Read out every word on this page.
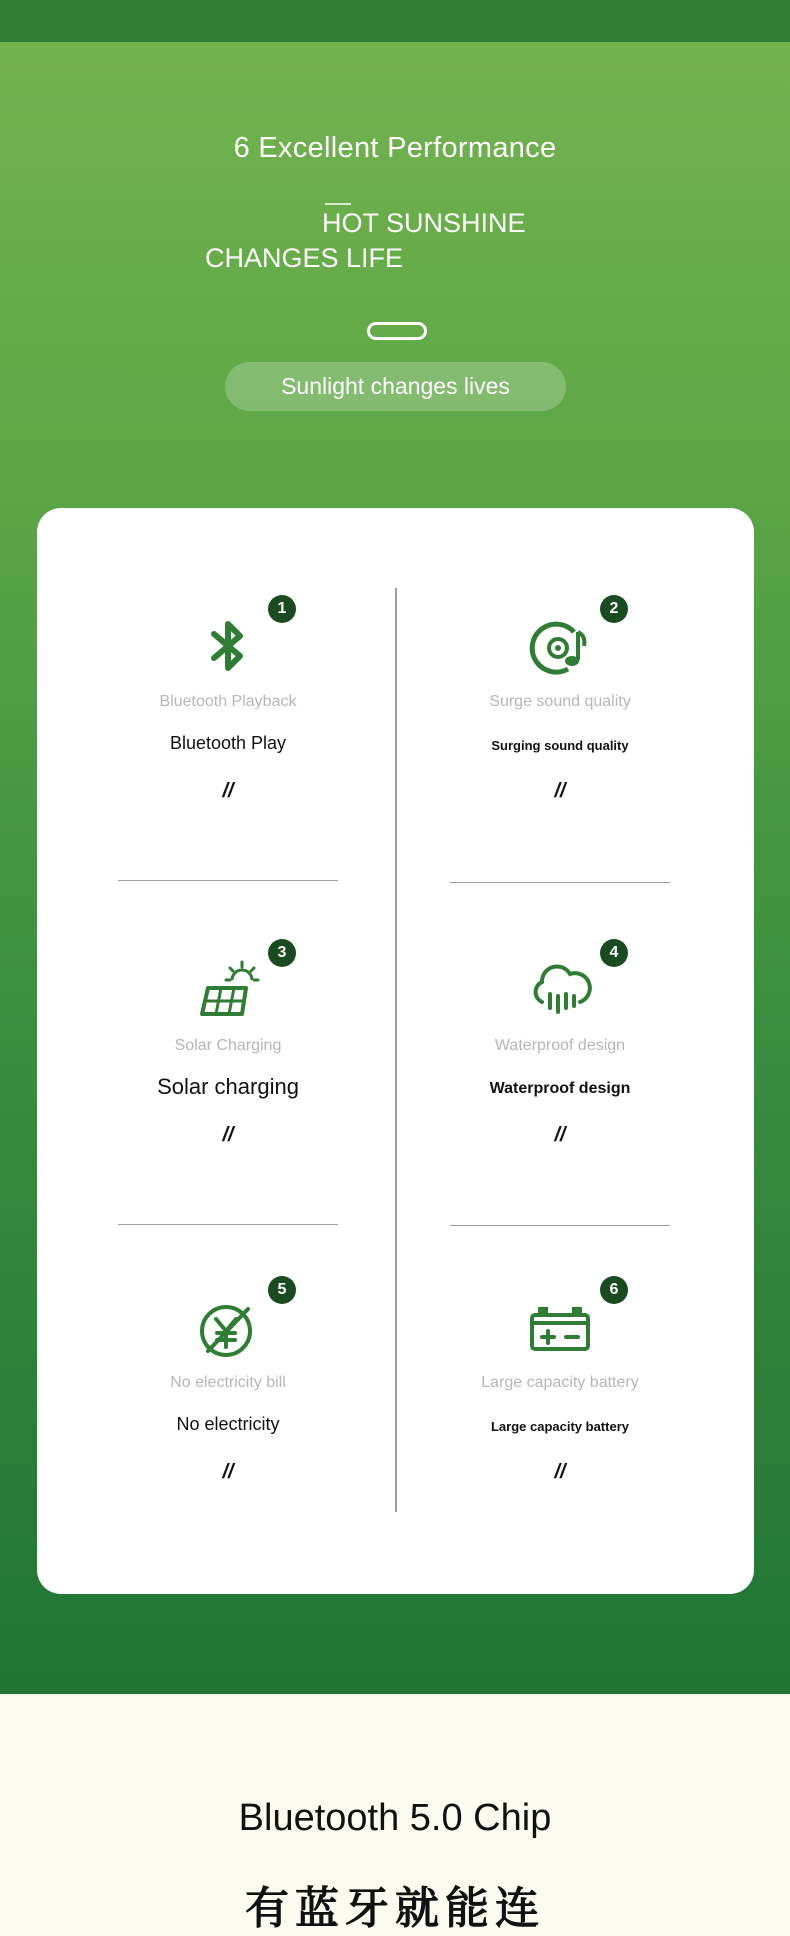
6 Excellent Performance
HOT SUNSHINE
CHANGES LIFE
Sunlight changes lives
1
Bluetooth Playback
Bluetooth Play
//
2
Surge sound quality
Surging sound quality
//
3
Solar Charging
Solar charging
//
4
Waterproof design
Waterproof design
//
5
No electricity bill
No electricity
//
6
Large capacity battery
Large capacity battery
//
Bluetooth 5.0 Chip
有蓝牙就能连
